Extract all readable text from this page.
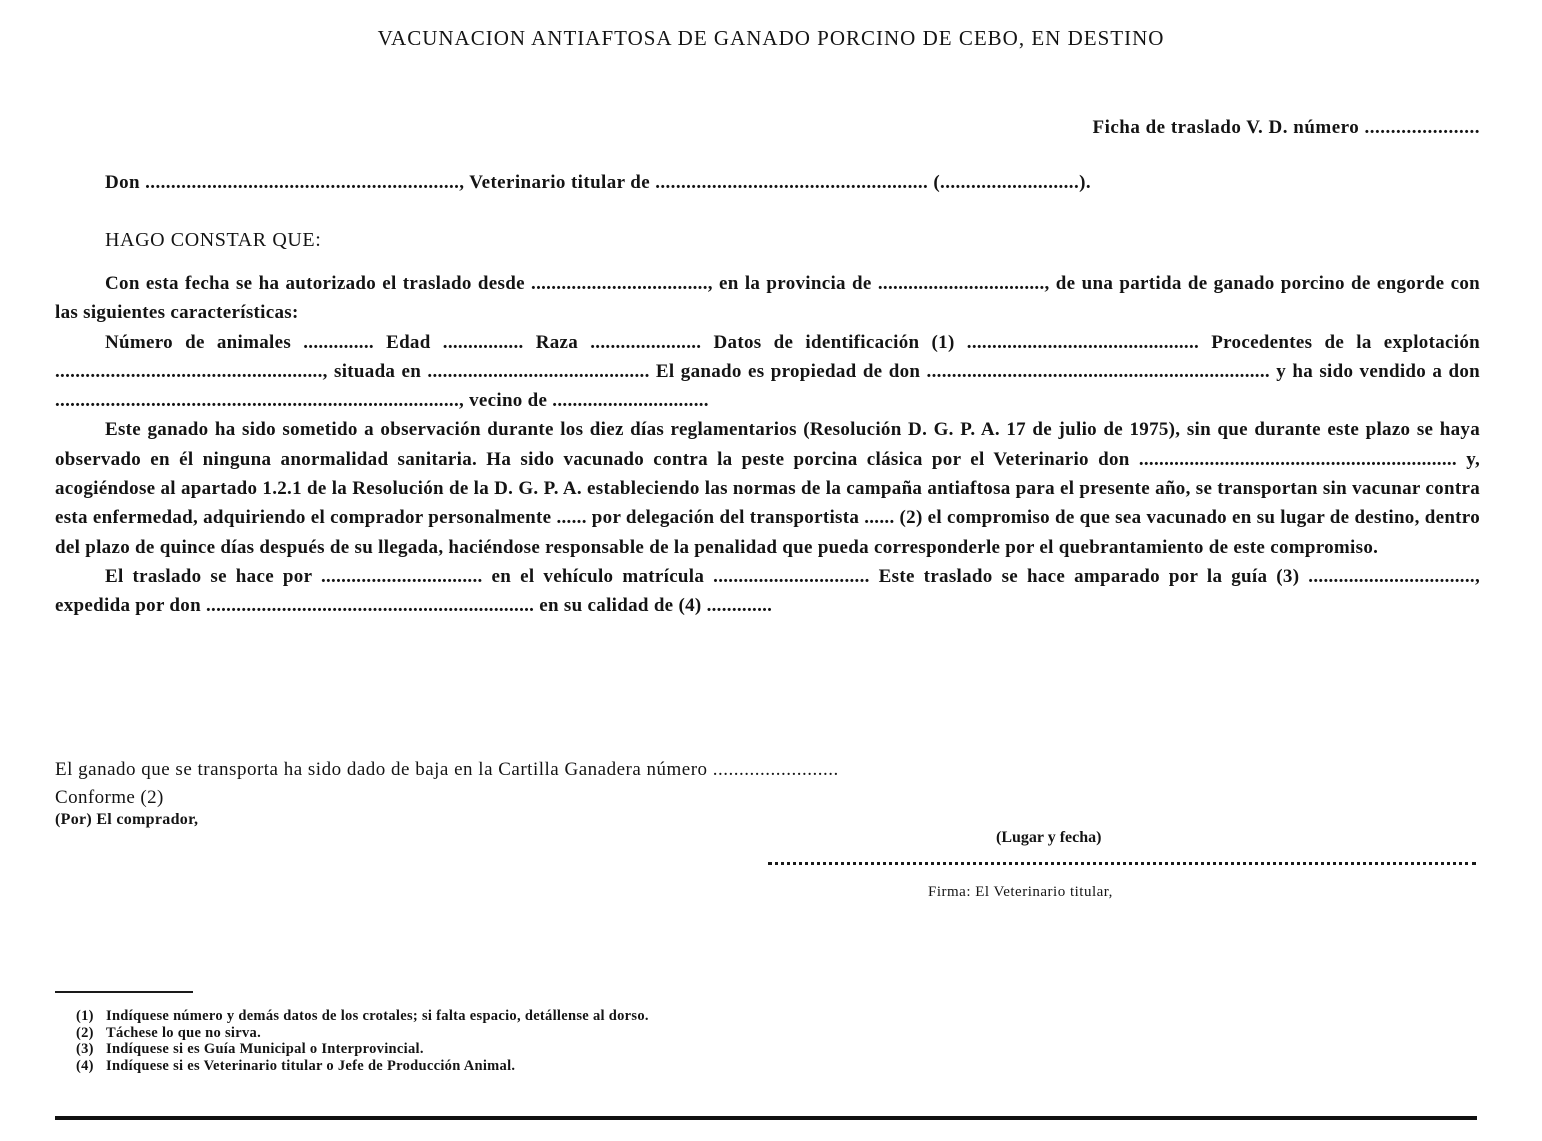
VACUNACION ANTIAFTOSA DE GANADO PORCINO DE CEBO, EN DESTINO
Ficha de traslado V. D. número ......................
Don ............................................................., Veterinario titular de ..................................................... (...........................).
HAGO CONSTAR QUE:

Con esta fecha se ha autorizado el traslado desde ..................................., en la provincia de ................................., de una partida de ganado porcino de engorde con las siguientes características:

Número de animales .............. Edad ................ Raza ...................... Datos de identificación (1) .............................................. Procedentes de la explotación ....................................................., situada en ............................................ El ganado es propiedad de don .................................................................... y ha sido vendido a don ................................................................................, vecino de ...............................

Este ganado ha sido sometido a observación durante los diez días reglamentarios (Resolución D. G. P. A. 17 de julio de 1975), sin que durante este plazo se haya observado en él ninguna anormalidad sanitaria. Ha sido vacunado contra la peste porcina clásica por el Veterinario don ............................................................... y, acogiéndose al apartado 1.2.1 de la Resolución de la D. G. P. A. estableciendo las normas de la campaña antiaftosa para el presente año, se transportan sin vacunar contra esta enfermedad, adquiriendo el comprador personalmente ...... por delegación del transportista ...... (2) el compromiso de que sea vacunado en su lugar de destino, dentro del plazo de quince días después de su llegada, haciéndose responsable de la penalidad que pueda corresponderle por el quebrantamiento de este compromiso.

El traslado se hace por ................................ en el vehículo matrícula ............................... Este traslado se hace amparado por la guía (3) ................................., expedida por don ................................................................. en su calidad de (4) .............

El ganado que se transporta ha sido dado de baja en la Cartilla Ganadera número ........................
Conforme (2)
(Por) El comprador,
(Lugar y fecha)
Firma: El Veterinario titular,
(1) Indíquese número y demás datos de los crotales; si falta espacio, detállense al dorso.
(2) Táchese lo que no sirva.
(3) Indíquese si es Guía Municipal o Interprovincial.
(4) Indíquese si es Veterinario titular o Jefe de Producción Animal.
